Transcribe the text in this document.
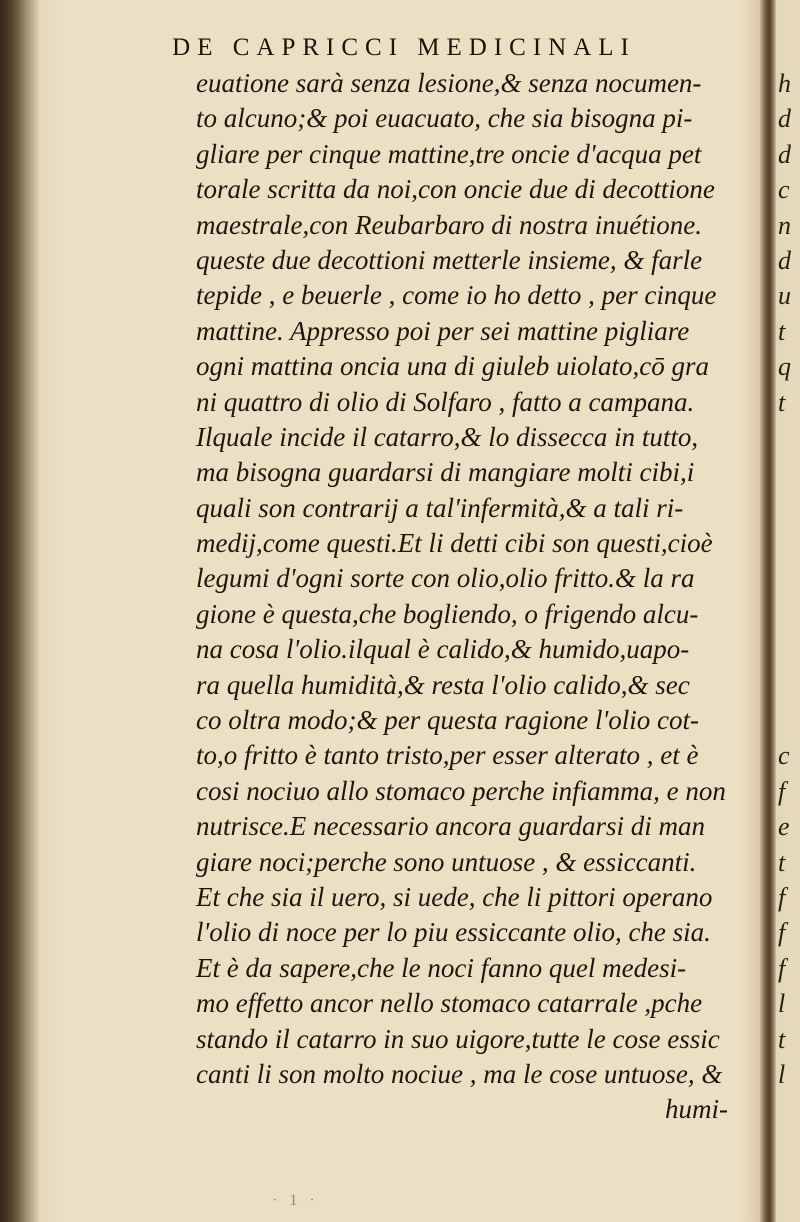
DE CAPRICCI MEDICINALI
euatione sarà senza lesione,& senza nocumen-
to alcuno;& poi euacuato, che sia bisogna pi-
gliare per cinque mattine,tre oncie d'acqua pet
torale scritta da noi,con oncie due di decottione
maestrale,con Reubarbaro di nostra inuétione.
queste due decottioni metterle insieme, & farle
tepide , e beuerle , come io ho detto , per cinque
mattine. Appresso poi per sei mattine pigliare
ogni mattina oncia una di giuleb uiolato,cō gra
ni quattro di olio di Solfaro , fatto a campana.
Ilquale incide il catarro,& lo dissecca in tutto,
ma bisogna guardarsi di mangiare molti cibi,i
quali son contrarij a tal'infermità,& a tali ri-
medij,come questi.Et li detti cibi son questi,cioè
legumi d'ogni sorte con olio,olio fritto.& la ra
gione è questa,che bogliendo, o frigendo alcu-
na cosa l'olio.ilqual è calido,& humido,uapo-
ra quella humidità,& resta l'olio calido,& sec
co oltra modo;& per questa ragione l'olio cot-
to,o fritto è tanto tristo,per esser alterato , et è
cosi nociuo allo stomaco perche infiamma, e non
nutrisce.E necessario ancora guardarsi di man
giare noci;perche sono untuose , & essiccanti.
Et che sia il uero, si uede, che li pittori operano
l'olio di noce per lo piu essiccante olio, che sia.
Et è da sapere,che le noci fanno quel medesi-
mo effetto ancor nello stomaco catarrale ,pche
stando il catarro in suo uigore,tutte le cose essic
canti li son molto nociue , ma le cose untuose, &
humi-
· 1 ·
h
d
d
c
n
d
u
t
q
t
c
f
e
t
f
f
f
l
t
l
